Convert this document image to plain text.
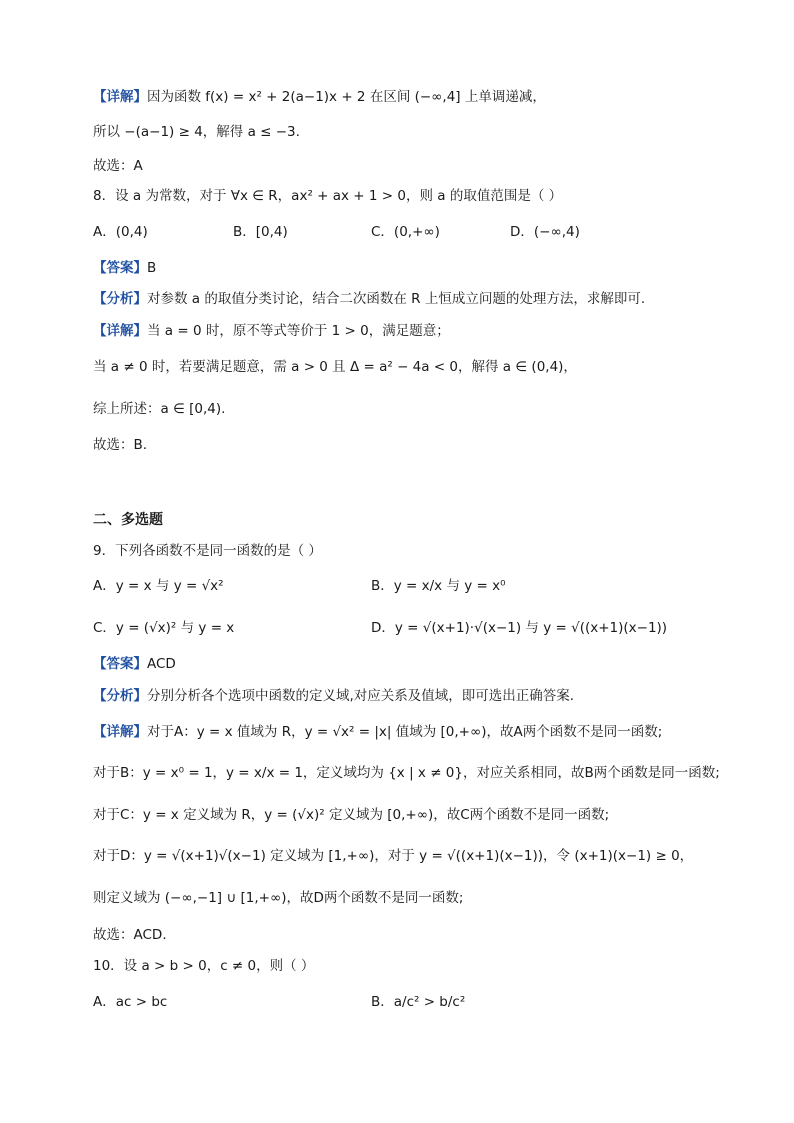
【详解】因为函数 f(x) = x² + 2(a−1)x + 2 在区间 (−∞,4] 上单调递减，
所以 −(a−1) ≥ 4，解得 a ≤ −3.
故选：A
8．设 a 为常数，对于 ∀x ∈ R，ax² + ax + 1 > 0，则 a 的取值范围是（ ）
A．(0,4)	B．[0,4)	C．(0,+∞)	D．(−∞,4)
【答案】B
【分析】对参数 a 的取值分类讨论，结合二次函数在 R 上恒成立问题的处理方法，求解即可.
【详解】当 a = 0 时，原不等式等价于 1 > 0，满足题意；
当 a ≠ 0 时，若要满足题意，需 a > 0 且 Δ = a² − 4a < 0，解得 a ∈ (0,4)，
综上所述：a ∈ [0,4).
故选：B.
二、多选题
9．下列各函数不是同一函数的是（ ）
A．y = x 与 y = √x²	B．y = x/x 与 y = x⁰
C．y = (√x)² 与 y = x	D．y = √(x+1)·√(x−1) 与 y = √((x+1)(x−1))
【答案】ACD
【分析】分别分析各个选项中函数的定义域,对应关系及值域，即可选出正确答案.
【详解】对于A：y = x 值域为 R，y = √x² = |x| 值域为 [0,+∞)，故A两个函数不是同一函数;
对于B：y = x⁰ = 1，y = x/x = 1，定义域均为 {x | x ≠ 0}，对应关系相同，故B两个函数是同一函数;
对于C：y = x 定义域为 R，y = (√x)² 定义域为 [0,+∞)，故C两个函数不是同一函数;
对于D：y = √(x+1)√(x−1) 定义域为 [1,+∞)，对于 y = √((x+1)(x−1))，令 (x+1)(x−1) ≥ 0，
则定义域为 (−∞,−1] ∪ [1,+∞)，故D两个函数不是同一函数;
故选：ACD.
10．设 a > b > 0，c ≠ 0，则（ ）
A．ac > bc	B．a/c² > b/c²
